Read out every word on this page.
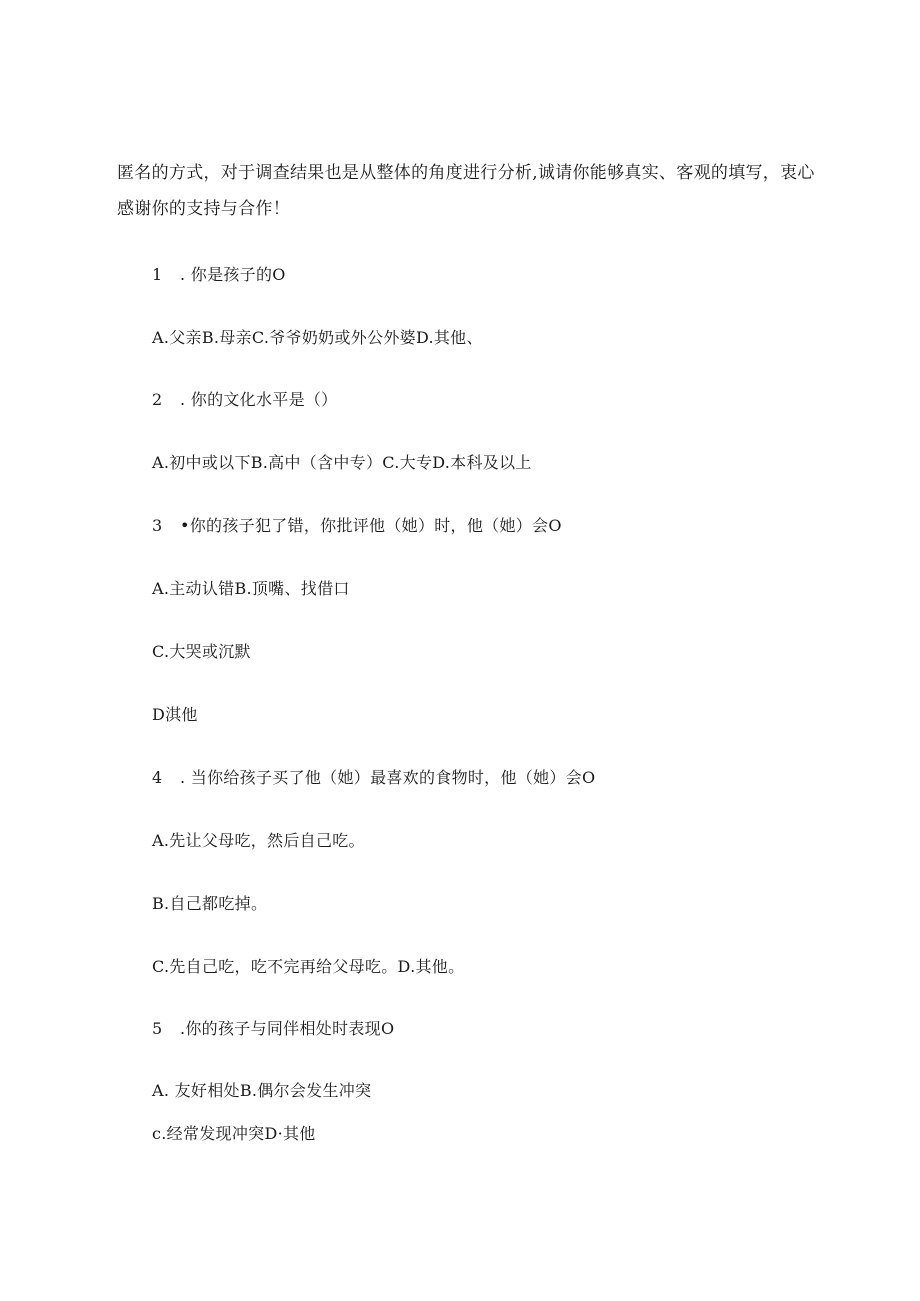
匿名的方式，对于调查结果也是从整体的角度进行分析,诚请你能够真实、客观的填写，衷心
感谢你的支持与合作！
1 . 你是孩子的O
A.父亲B.母亲C.爷爷奶奶或外公外婆D.其他、
2 . 你的文化水平是（）
A.初中或以下B.高中（含中专）C.大专D.本科及以上
3 •你的孩子犯了错，你批评他（她）时，他（她）会O
A.主动认错B.顶嘴、找借口
C.大哭或沉默
D淇他
4 . 当你给孩子买了他（她）最喜欢的食物时，他（她）会O
A.先让父母吃，然后自己吃。
B.自己都吃掉。
C.先自己吃，吃不完再给父母吃。D.其他。
5 .你的孩子与同伴相处时表现O
A. 友好相处B.偶尔会发生冲突
c.经常发现冲突D·其他
